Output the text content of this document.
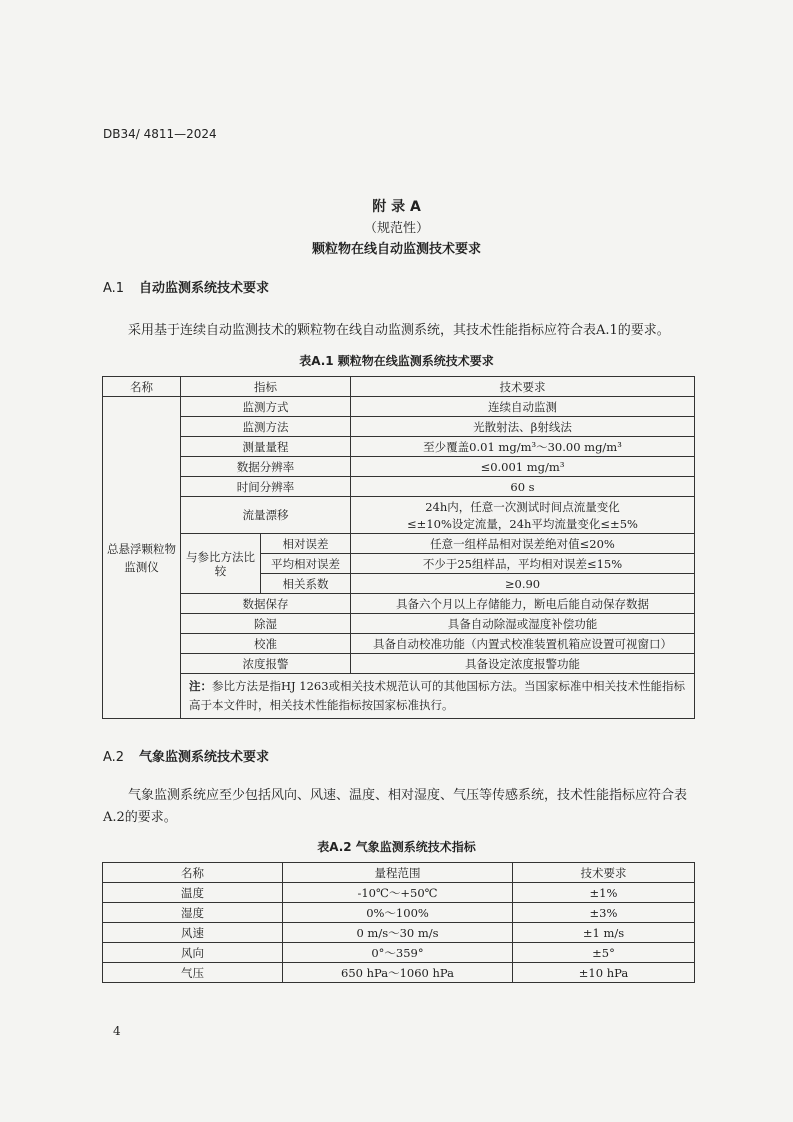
DB34/ 4811—2024
附 录 A
（规范性）
颗粒物在线自动监测技术要求
A.1 自动监测系统技术要求
采用基于连续自动监测技术的颗粒物在线自动监测系统，其技术性能指标应符合表A.1的要求。
表A.1 颗粒物在线监测系统技术要求
名称	指标		技术要求

总悬浮颗粒物
监测仪	监测方式		连续自动监测
	监测方法		光散射法、β射线法
	测量量程		至少覆盖0.01 mg/m³～30.00 mg/m³
	数据分辨率		≤0.001 mg/m³
	时间分辨率		60 s
	流量漂移		24h内，任意一次测试时间点流量变化
≤±10%设定流量，24h平均流量变化≤±5%

	与参比方法比较	相对误差	任意一组样品相对误差绝对值≤20%
		平均相对误差	不少于25组样品，平均相对误差≤15%
		相关系数	≥0.90
	数据保存		具备六个月以上存储能力，断电后能自动保存数据
	除湿		具备自动除湿或湿度补偿功能
	校准		具备自动校准功能（内置式校准装置机箱应设置可视窗口）
	浓度报警		具备设定浓度报警功能
	注：参比方法是指HJ 1263或相关技术规范认可的其他国标方法。当国家标准中相关技术性能指标高于本文件时，相关技术性能指标按国家标准执行。		
A.2 气象监测系统技术要求
气象监测系统应至少包括风向、风速、温度、相对湿度、气压等传感系统，技术性能指标应符合表A.2的要求。
表A.2 气象监测系统技术指标
名称	量程范围	技术要求
温度	-10℃～+50℃	±1%
湿度	0%～100%	±3%
风速	0 m/s～30 m/s	±1 m/s
风向	0°～359°	±5°
气压	650 hPa～1060 hPa	±10 hPa
4
